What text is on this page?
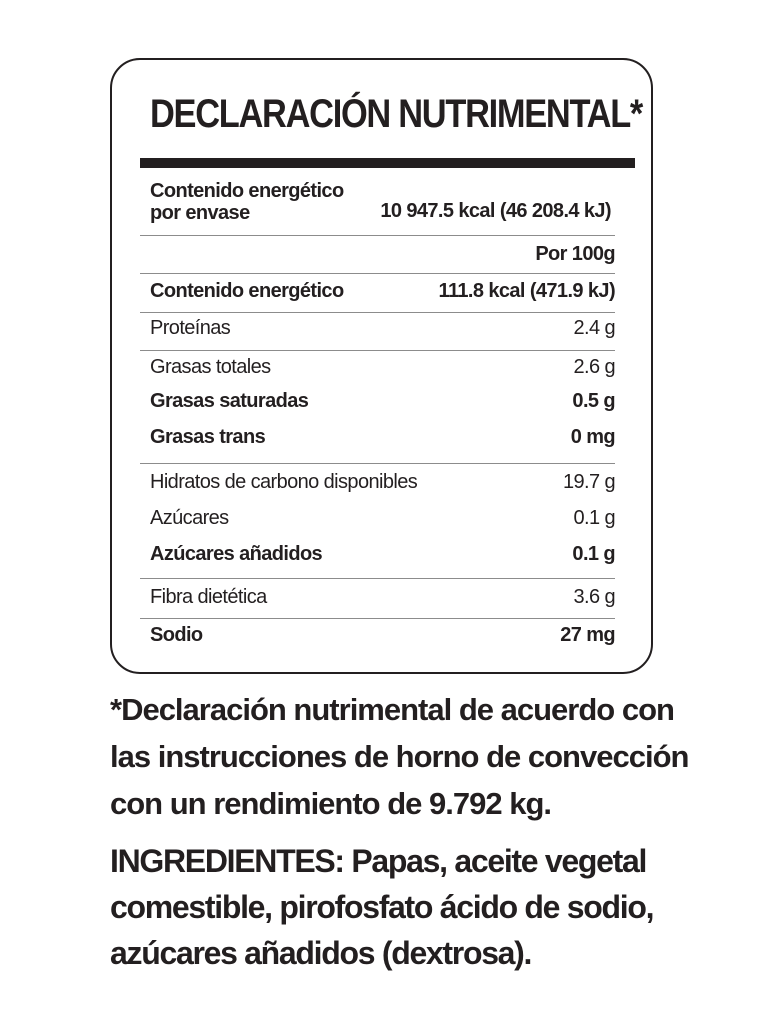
DECLARACIÓN NUTRIMENTAL*
Contenido energético
por envase	10 947.5 kcal (46 208.4 kJ)
Por 100g
Contenido energético	111.8 kcal (471.9 kJ)
Proteínas	2.4 g
Grasas totales	2.6 g
Grasas saturadas	0.5 g
Grasas trans	0 mg
Hidratos de carbono disponibles	19.7 g
Azúcares	0.1 g
Azúcares añadidos	0.1 g
Fibra dietética	3.6 g
Sodio	27 mg

*Declaración nutrimental de acuerdo con las instrucciones de horno de convección con un rendimiento de 9.792 kg.

INGREDIENTES: Papas, aceite vegetal comestible, pirofosfato ácido de sodio, azúcares añadidos (dextrosa).
